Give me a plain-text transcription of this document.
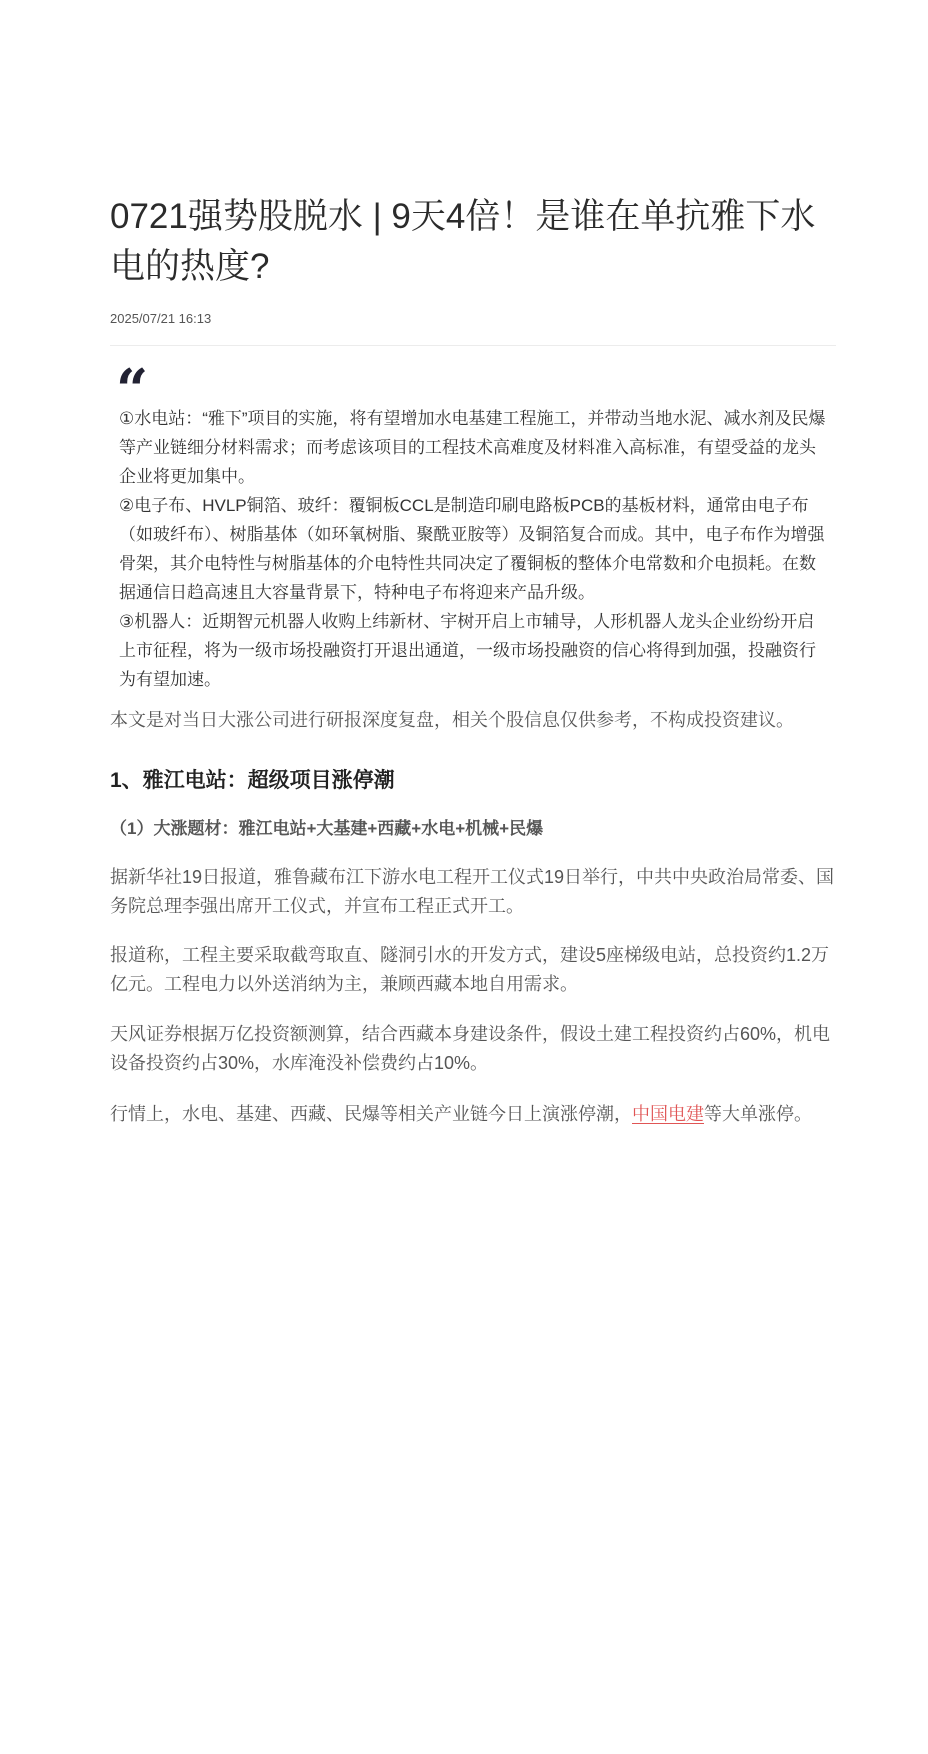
0721强势股脱水 | 9天4倍！是谁在单抗雅下水电的热度?
2025/07/21 16:13
“

①水电站：“雅下”项目的实施，将有望增加水电基建工程施工，并带动当地水泥、减水剂及民爆等产业链细分材料需求；而考虑该项目的工程技术高难度及材料准入高标准，有望受益的龙头企业将更加集中。

②电子布、HVLP铜箔、玻纤：覆铜板CCL是制造印刷电路板PCB的基板材料，通常由电子布（如玻纤布）、树脂基体（如环氧树脂、聚酰亚胺等）及铜箔复合而成。其中，电子布作为增强骨架，其介电特性与树脂基体的介电特性共同决定了覆铜板的整体介电常数和介电损耗。在数据通信日趋高速且大容量背景下，特种电子布将迎来产品升级。

③机器人：近期智元机器人收购上纬新材、宇树开启上市辅导，人形机器人龙头企业纷纷开启上市征程，将为一级市场投融资打开退出通道，一级市场投融资的信心将得到加强，投融资行为有望加速。

本文是对当日大涨公司进行研报深度复盘，相关个股信息仅供参考，不构成投资建议。

1、雅江电站：超级项目涨停潮
（1）大涨题材：雅江电站+大基建+西藏+水电+机械+民爆

据新华社19日报道，雅鲁藏布江下游水电工程开工仪式19日举行，中共中央政治局常委、国务院总理李强出席开工仪式，并宣布工程正式开工。

报道称，工程主要采取截弯取直、隧洞引水的开发方式，建设5座梯级电站，总投资约1.2万亿元。工程电力以外送消纳为主，兼顾西藏本地自用需求。

天风证券根据万亿投资额测算，结合西藏本身建设条件，假设土建工程投资约占60%，机电设备投资约占30%，水库淹没补偿费约占10%。

行情上，水电、基建、西藏、民爆等相关产业链今日上演涨停潮，中国电建等大单涨停。
